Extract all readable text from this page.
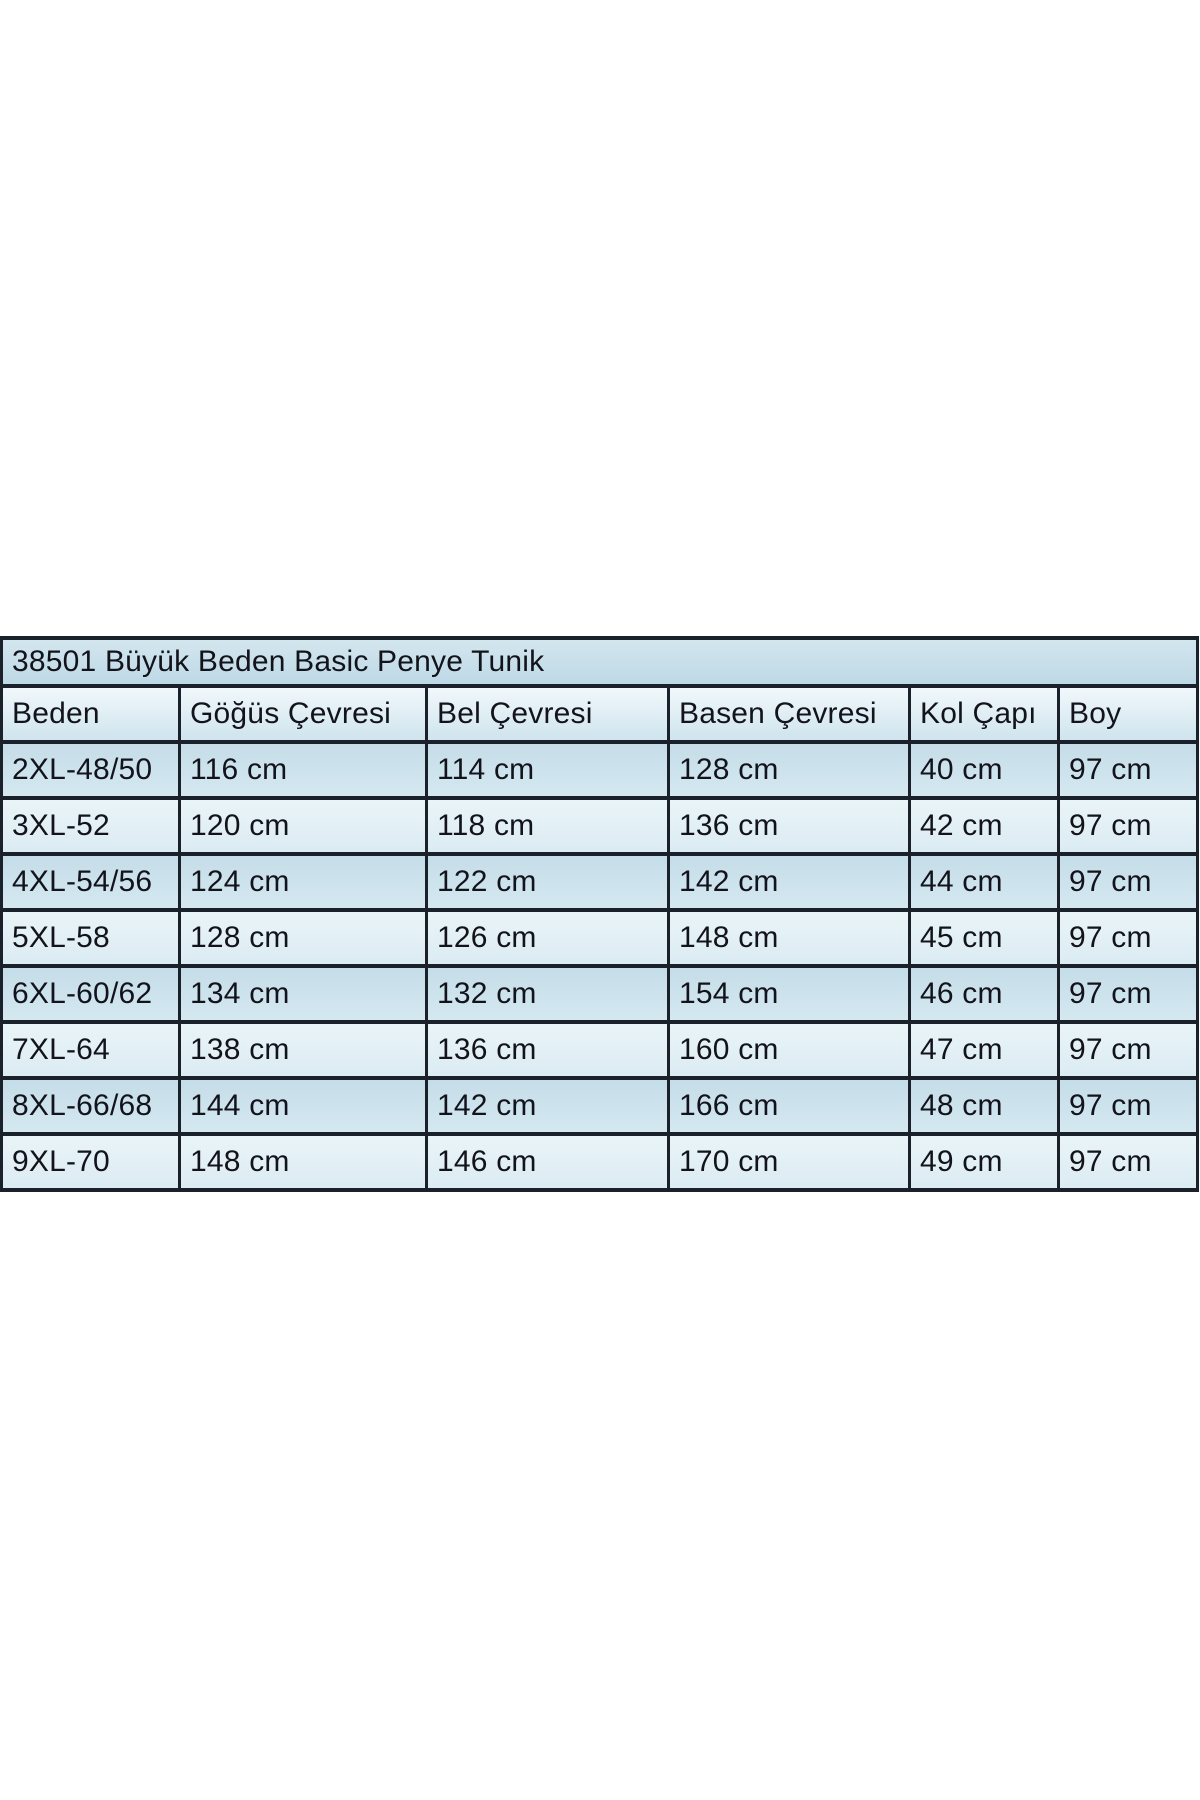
38501 Büyük Beden Basic Penye Tunik					
Beden	Göğüs Çevresi	Bel Çevresi	Basen Çevresi	Kol Çapı	Boy
2XL-48/50	116 cm	114 cm	128 cm	40 cm	97 cm
3XL-52	120 cm	118 cm	136 cm	42 cm	97 cm
4XL-54/56	124 cm	122 cm	142 cm	44 cm	97 cm
5XL-58	128 cm	126 cm	148 cm	45 cm	97 cm
6XL-60/62	134 cm	132 cm	154 cm	46 cm	97 cm
7XL-64	138 cm	136 cm	160 cm	47 cm	97 cm
8XL-66/68	144 cm	142 cm	166 cm	48 cm	97 cm
9XL-70	148 cm	146 cm	170 cm	49 cm	97 cm
